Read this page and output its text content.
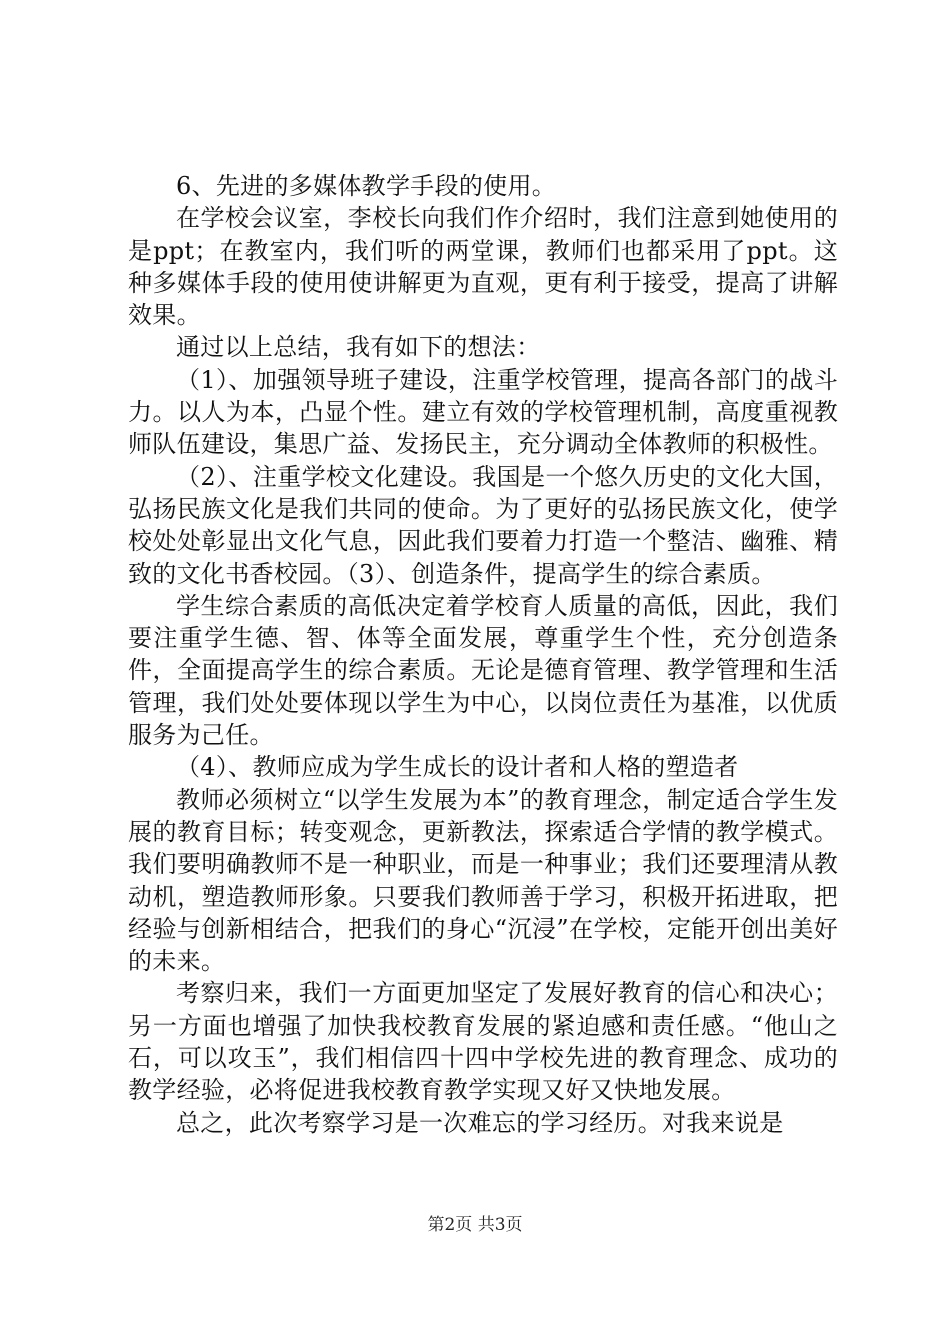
6、先进的多媒体教学手段的使用。

在学校会议室，李校长向我们作介绍时，我们注意到她使用的是ppt；在教室内，我们听的两堂课，教师们也都采用了ppt。这种多媒体手段的使用使讲解更为直观，更有利于接受，提高了讲解效果。

通过以上总结，我有如下的想法：

（1）、加强领导班子建设，注重学校管理，提高各部门的战斗力。以人为本，凸显个性。建立有效的学校管理机制，高度重视教师队伍建设，集思广益、发扬民主，充分调动全体教师的积极性。

（2）、注重学校文化建设。我国是一个悠久历史的文化大国，弘扬民族文化是我们共同的使命。为了更好的弘扬民族文化，使学校处处彰显出文化气息，因此我们要着力打造一个整洁、幽雅、精致的文化书香校园。（3）、创造条件，提高学生的综合素质。

学生综合素质的高低决定着学校育人质量的高低，因此，我们要注重学生德、智、体等全面发展，尊重学生个性，充分创造条件，全面提高学生的综合素质。无论是德育管理、教学管理和生活管理，我们处处要体现以学生为中心，以岗位责任为基准，以优质服务为己任。

（4）、教师应成为学生成长的设计者和人格的塑造者

教师必须树立“以学生发展为本”的教育理念，制定适合学生发展的教育目标；转变观念，更新教法，探索适合学情的教学模式。我们要明确教师不是一种职业，而是一种事业；我们还要理清从教动机，塑造教师形象。只要我们教师善于学习，积极开拓进取，把经验与创新相结合，把我们的身心“沉浸”在学校，定能开创出美好的未来。

考察归来，我们一方面更加坚定了发展好教育的信心和决心；另一方面也增强了加快我校教育发展的紧迫感和责任感。“他山之石，可以攻玉”，我们相信四十四中学校先进的教育理念、成功的教学经验，必将促进我校教育教学实现又好又快地发展。

总之，此次考察学习是一次难忘的学习经历。对我来说是

第2页 共3页
